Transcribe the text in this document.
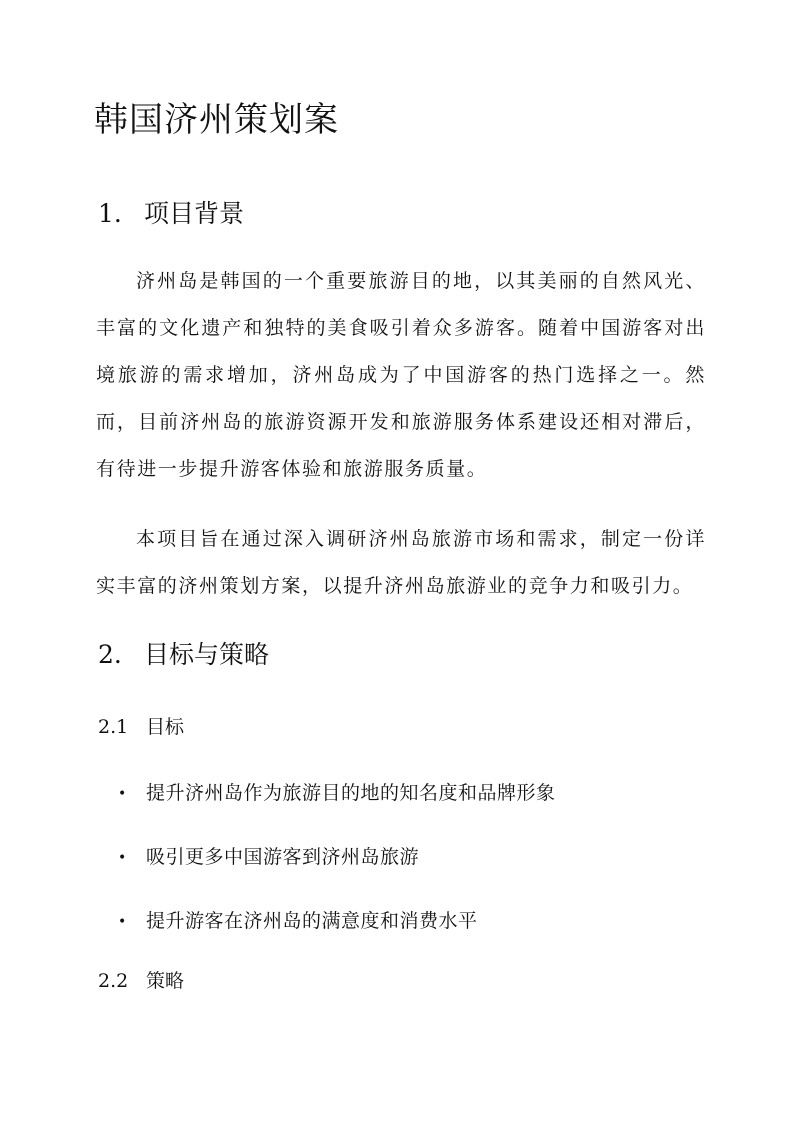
韩国济州策划案
1. 项目背景

济州岛是韩国的一个重要旅游目的地，以其美丽的自然风光、丰富的文化遗产和独特的美食吸引着众多游客。随着中国游客对出境旅游的需求增加，济州岛成为了中国游客的热门选择之一。然而，目前济州岛的旅游资源开发和旅游服务体系建设还相对滞后，有待进一步提升游客体验和旅游服务质量。

本项目旨在通过深入调研济州岛旅游市场和需求，制定一份详实丰富的济州策划方案，以提升济州岛旅游业的竞争力和吸引力。

2. 目标与策略
2.1 目标
• 提升济州岛作为旅游目的地的知名度和品牌形象
• 吸引更多中国游客到济州岛旅游
• 提升游客在济州岛的满意度和消费水平
2.2 策略
